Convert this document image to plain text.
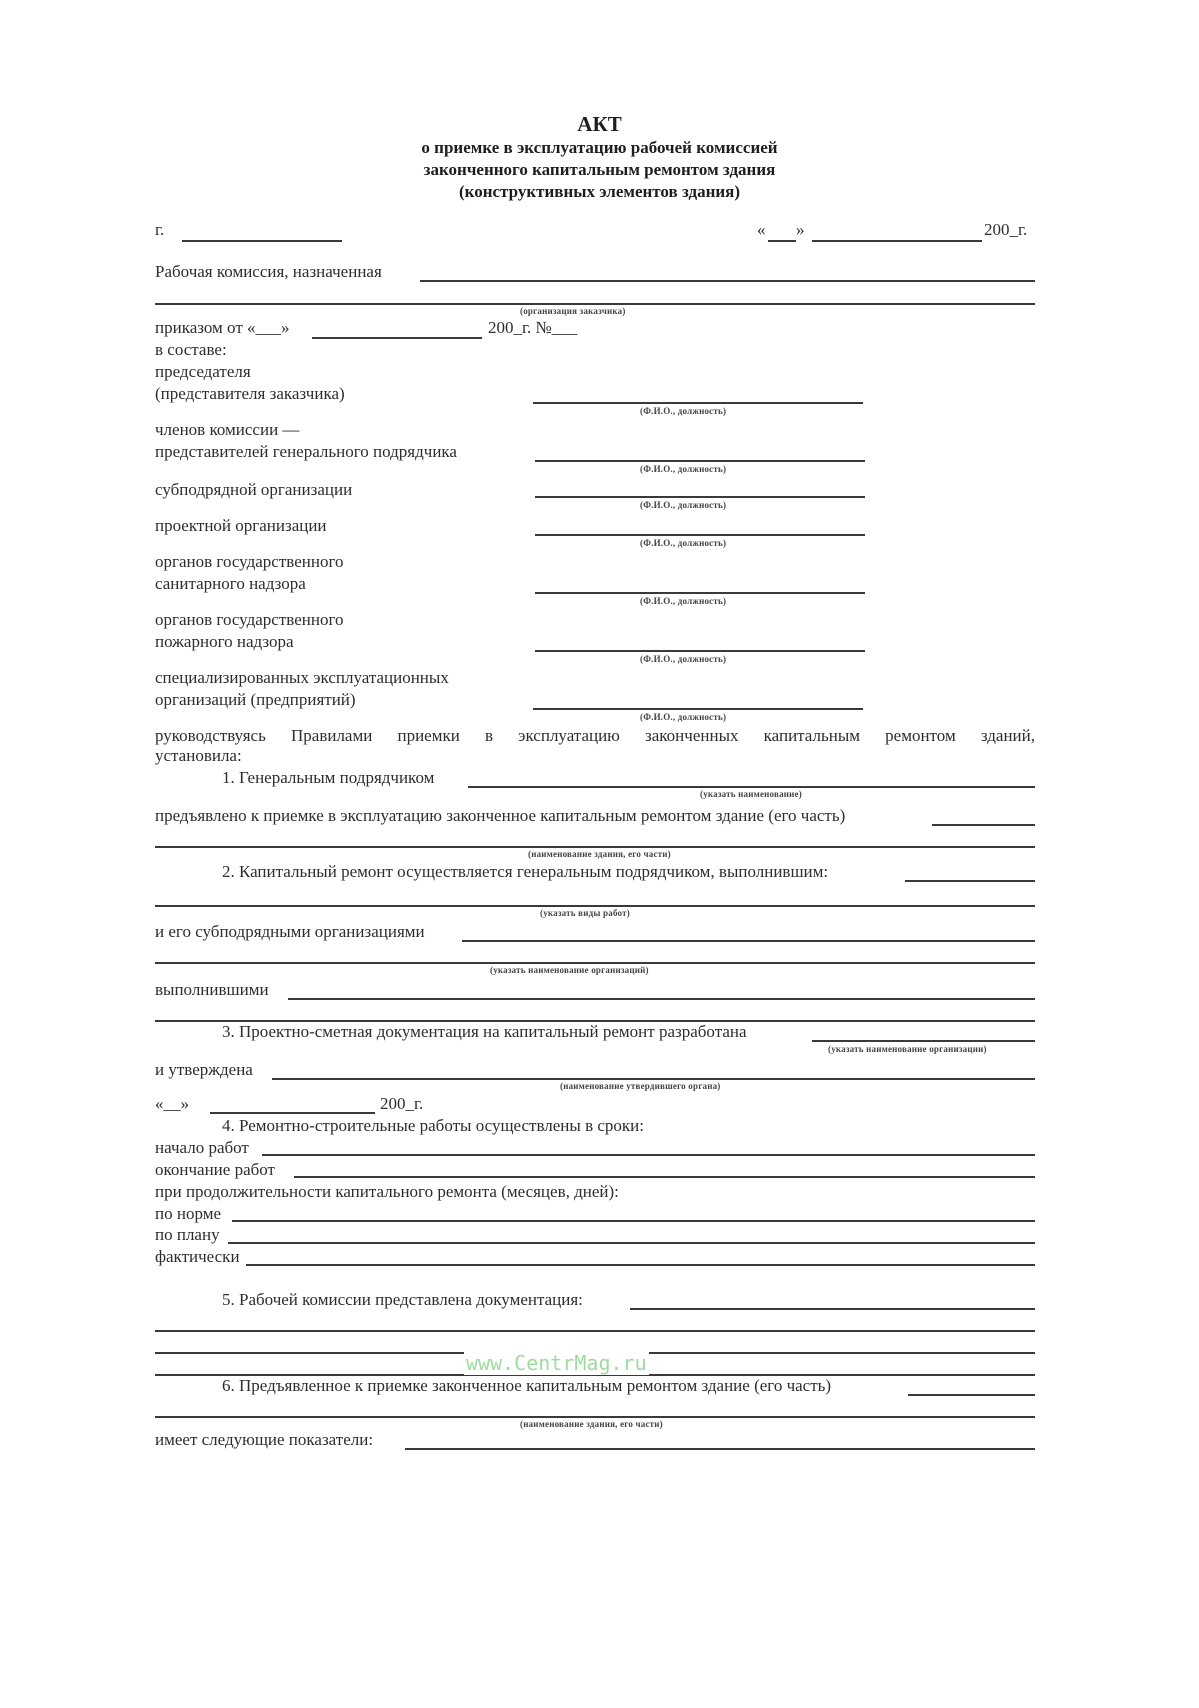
АКТ
о приемке в эксплуатацию рабочей комиссией
законченного капитальным ремонтом здания
(конструктивных элементов здания)
г.	« »	200_г.
Рабочая комиссия, назначенная
(организация заказчика)
приказом от «___»	200_г. №___
в составе:
председателя
(представителя заказчика)
(Ф.И.О., должность)
членов комиссии —
представителей генерального подрядчика
(Ф.И.О., должность)
субподрядной организации
(Ф.И.О., должность)
проектной организации
(Ф.И.О., должность)
органов государственного
санитарного надзора
(Ф.И.О., должность)
органов государственного
пожарного надзора
(Ф.И.О., должность)
специализированных эксплуатационных
организаций (предприятий)
(Ф.И.О., должность)
руководствуясь Правилами приемки в эксплуатацию законченных капитальным ремонтом зданий,
установила:
1. Генеральным подрядчиком
(указать наименование)
предъявлено к приемке в эксплуатацию законченное капитальным ремонтом здание (его часть)
(наименование здания, его части)
2. Капитальный ремонт осуществляется генеральным подрядчиком, выполнившим:
(указать виды работ)
и его субподрядными организациями
(указать наименование организаций)
выполнившими
3. Проектно-сметная документация на капитальный ремонт разработана
(указать наименование организации)
и утверждена
(наименование утвердившего органа)
«__»	200_г.
4. Ремонтно-строительные работы осуществлены в сроки:
начало работ
окончание работ
при продолжительности капитального ремонта (месяцев, дней):
по норме
по плану
фактически
5. Рабочей комиссии представлена документация:
www.CentrMag.ru
6. Предъявленное к приемке законченное капитальным ремонтом здание (его часть)
(наименование здания, его части)
имеет следующие показатели:
